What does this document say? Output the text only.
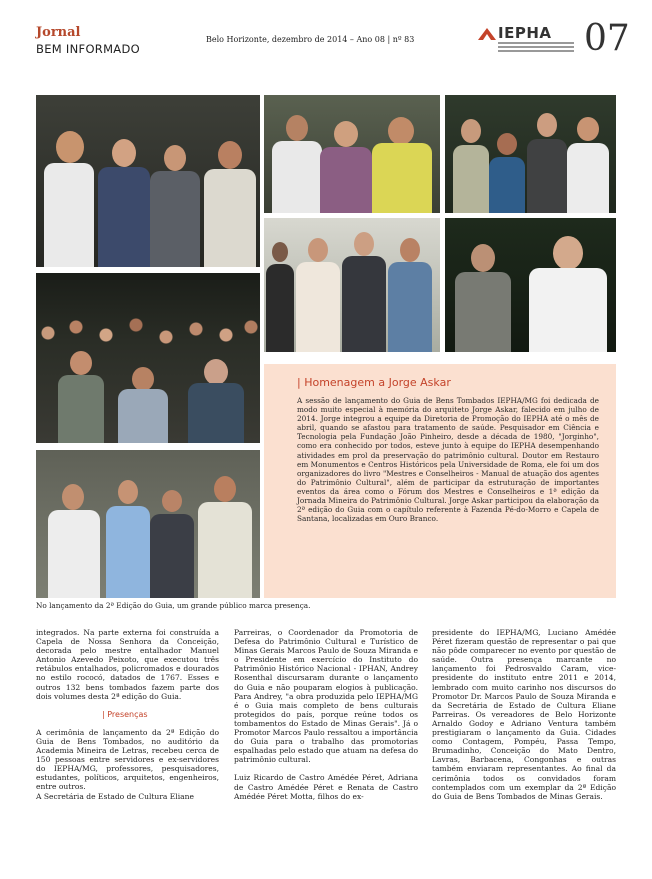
Jornal
BEM INFORMADO
Belo Horizonte, dezembro de 2014 – Ano 08 | nº 83	IEPHA 07
| Homenagem a Jorge Askar
A sessão de lançamento do Guia de Bens Tombados IEPHA/MG foi dedicada de modo muito especial à memória do arquiteto Jorge Askar, falecido em julho de 2014. Jorge integrou a equipe da Diretoria de Promoção do IEPHA até o mês de abril, quando se afastou para tratamento de saúde. Pesquisador em Ciência e Tecnologia pela Fundação João Pinheiro, desde a década de 1980, "Jorginho", como era conhecido por todos, esteve junto à equipe do IEPHA desempenhando atividades em prol da preservação do patrimônio cultural. Doutor em Restauro em Monumentos e Centros Históricos pela Universidade de Roma, ele foi um dos organizadores do livro "Mestres e Conselheiros - Manual de atuação dos agentes do Patrimônio Cultural", além de participar da estruturação de importantes eventos da área como o Fórum dos Mestres e Conselheiros e 1ª edição da Jornada Mineira do Patrimônio Cultural. Jorge Askar participou da elaboração da 2ª edição do Guia com o capítulo referente à Fazenda Pé-do-Morro e Capela de Santana, localizadas em Ouro Branco.
No lançamento da 2ª Edição do Guia, um grande público marca presença.

integrados. Na parte externa foi construída a Capela de Nossa Senhora da Conceição, decorada pelo mestre entalhador Manuel Antonio Azevedo Peixoto, que executou três retábulos entalhados, policromados e dourados no estilo rococó, datados de 1767. Esses e outros 132 bens tombados fazem parte dos dois volumes desta 2ª edição do Guia.

| Presenças

A cerimônia de lançamento da 2ª Edição do Guia de Bens Tombados, no auditório da Academia Mineira de Letras, recebeu cerca de 150 pessoas entre servidores e ex-servidores do IEPHA/MG, professores, pesquisadores, estudantes, políticos, arquitetos, engenheiros, entre outros.

A Secretária de Estado de Cultura Eliane

Parreiras, o Coordenador da Promotoria de Defesa do Patrimônio Cultural e Turístico de Minas Gerais Marcos Paulo de Souza Miranda e o Presidente em exercício do Instituto do Patrimônio Histórico Nacional - IPHAN, Andrey Rosenthal discursaram durante o lançamento do Guia e não pouparam elogios à publicação. Para Andrey, "a obra produzida pelo IEPHA/MG é o Guia mais completo de bens culturais protegidos do país, porque reúne todos os tombamentos do Estado de Minas Gerais". Já o Promotor Marcos Paulo ressaltou a importância do Guia para o trabalho das promotorias espalhadas pelo estado que atuam na defesa do patrimônio cultural.

Luiz Ricardo de Castro Amédée Péret, Adriana de Castro Amédée Péret e Renata de Castro Amédée Péret Motta, filhos do ex-

presidente do IEPHA/MG, Luciano Amédée Péret fizeram questão de representar o pai que não pôde comparecer no evento por questão de saúde. Outra presença marcante no lançamento foi Pedrosvaldo Caram, vice-presidente do instituto entre 2011 e 2014, lembrado com muito carinho nos discursos do Promotor Dr. Marcos Paulo de Souza Miranda e da Secretária de Estado de Cultura Eliane Parreiras. Os vereadores de Belo Horizonte Arnaldo Godoy e Adriano Ventura também prestigiaram o lançamento da Guia. Cidades como Contagem, Pompéu, Passa Tempo, Brumadinho, Conceição do Mato Dentro, Lavras, Barbacena, Congonhas e outras também enviaram representantes. Ao final da cerimônia todos os convidados foram contemplados com um exemplar da 2ª Edição do Guia de Bens Tombados de Minas Gerais.
